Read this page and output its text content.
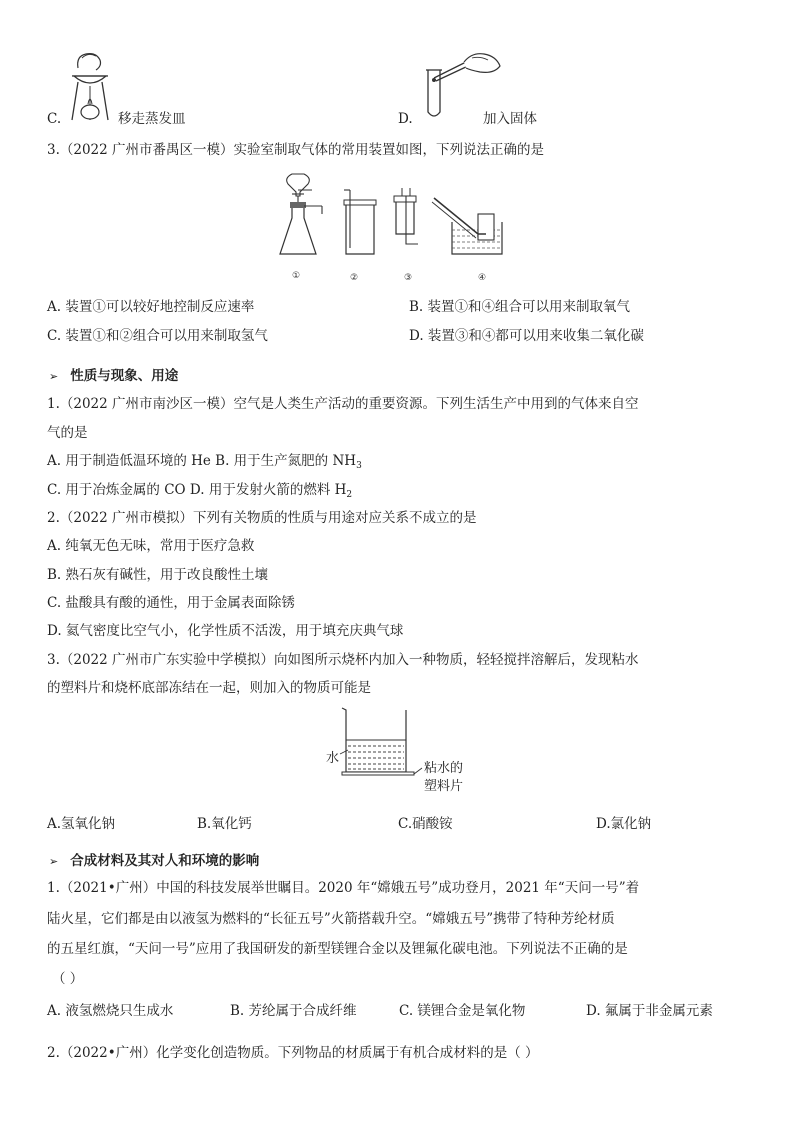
C.	移走蒸发皿	D.	加入固体
3.（2022 广州市番禺区一模）实验室制取气体的常用装置如图，下列说法正确的是
①	②	③	④
A. 装置①可以较好地控制反应速率	B. 装置①和④组合可以用来制取氧气
C. 装置①和②组合可以用来制取氢气	D. 装置③和④都可以用来收集二氧化碳
➢ 性质与现象、用途
1.（2022 广州市南沙区一模）空气是人类生产活动的重要资源。下列生活生产中用到的气体来自空
气的是
A. 用于制造低温环境的 He B. 用于生产氮肥的 $NH_3$
C. 用于冶炼金属的 CO D. 用于发射火箭的燃料 $H_2$
2.（2022 广州市模拟）下列有关物质的性质与用途对应关系不成立的是
A. 纯氧无色无味，常用于医疗急救
B. 熟石灰有碱性，用于改良酸性土壤
C. 盐酸具有酸的通性，用于金属表面除锈
D. 氦气密度比空气小，化学性质不活泼，用于填充庆典气球
3.（2022 广州市广东实验中学模拟）向如图所示烧杯内加入一种物质，轻轻搅拌溶解后，发现粘水
的塑料片和烧杯底部冻结在一起，则加入的物质可能是
水
粘水的
塑料片
A.氢氧化钠	B.氧化钙	C.硝酸铵	D.氯化钠
➢ 合成材料及其对人和环境的影响
1.（2021•广州）中国的科技发展举世瞩目。2020 年“嫦娥五号”成功登月，2021 年“天问一号”着
陆火星，它们都是由以液氢为燃料的“长征五号”火箭搭载升空。“嫦娥五号”携带了特种芳纶材质
的五星红旗，“天问一号”应用了我国研发的新型镁锂合金以及锂氟化碳电池。下列说法不正确的是
（ ）
A. 液氢燃烧只生成水	B. 芳纶属于合成纤维	C. 镁锂合金是氧化物	D. 氟属于非金属元素
2.（2022•广州）化学变化创造物质。下列物品的材质属于有机合成材料的是（ ）
